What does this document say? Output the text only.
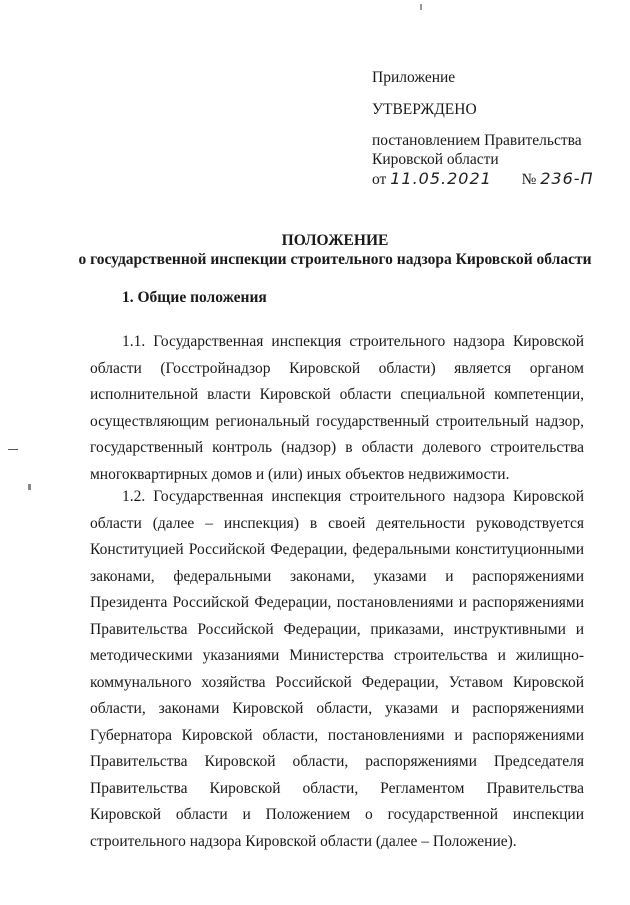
Приложение
УТВЕРЖДЕНО
постановлением Правительства
Кировской области
от 11.05.2021 № 236-П
ПОЛОЖЕНИЕ
о государственной инспекции строительного надзора Кировской области
1. Общие положения
1.1. Государственная инспекция строительного надзора Кировской области (Госстройнадзор Кировской области) является органом исполнительной власти Кировской области специальной компетенции, осуществляющим региональный государственный строительный надзор, государственный контроль (надзор) в области долевого строительства многоквартирных домов и (или) иных объектов недвижимости.
1.2. Государственная инспекция строительного надзора Кировской области (далее – инспекция) в своей деятельности руководствуется Конституцией Российской Федерации, федеральными конституционными законами, федеральными законами, указами и распоряжениями Президента Российской Федерации, постановлениями и распоряжениями Правительства Российской Федерации, приказами, инструктивными и методическими указаниями Министерства строительства и жилищно-коммунального хозяйства Российской Федерации, Уставом Кировской области, законами Кировской области, указами и распоряжениями Губернатора Кировской области, постановлениями и распоряжениями Правительства Кировской области, распоряжениями Председателя Правительства Кировской области, Регламентом Правительства Кировской области и Положением о государственной инспекции строительного надзора Кировской области (далее – Положение).
